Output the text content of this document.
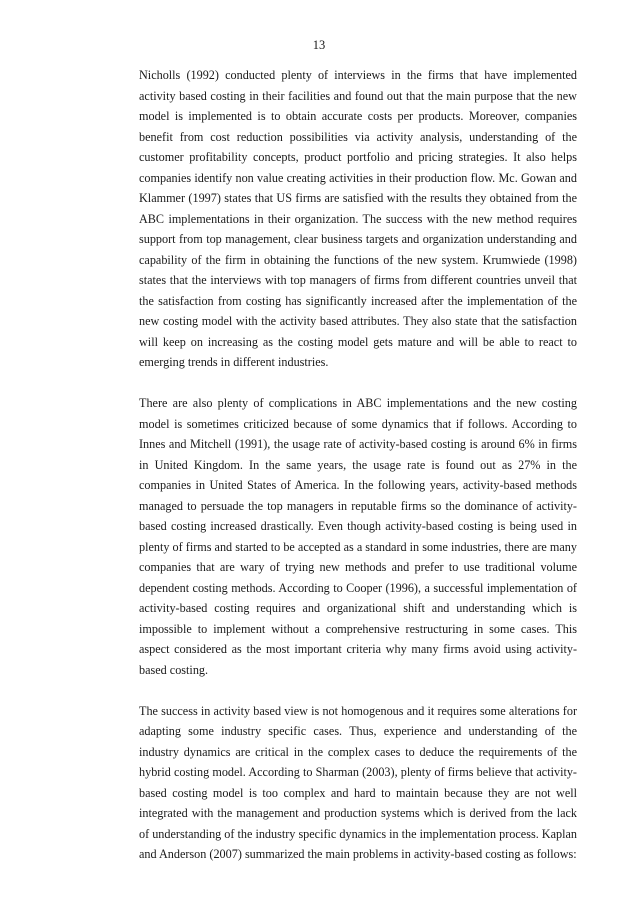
13

Nicholls (1992) conducted plenty of interviews in the firms that have implemented activity based costing in their facilities and found out that the main purpose that the new model is implemented is to obtain accurate costs per products. Moreover, companies benefit from cost reduction possibilities via activity analysis, understanding of the customer profitability concepts, product portfolio and pricing strategies. It also helps companies identify non value creating activities in their production flow. Mc. Gowan and Klammer (1997) states that US firms are satisfied with the results they obtained from the ABC implementations in their organization. The success with the new method requires support from top management, clear business targets and organization understanding and capability of the firm in obtaining the functions of the new system. Krumwiede (1998) states that the interviews with top managers of firms from different countries unveil that the satisfaction from costing has significantly increased after the implementation of the new costing model with the activity based attributes. They also state that the satisfaction will keep on increasing as the costing model gets mature and will be able to react to emerging trends in different industries.

There are also plenty of complications in ABC implementations and the new costing model is sometimes criticized because of some dynamics that if follows. According to Innes and Mitchell (1991), the usage rate of activity-based costing is around 6% in firms in United Kingdom. In the same years, the usage rate is found out as 27% in the companies in United States of America. In the following years, activity-based methods managed to persuade the top managers in reputable firms so the dominance of activity-based costing increased drastically. Even though activity-based costing is being used in plenty of firms and started to be accepted as a standard in some industries, there are many companies that are wary of trying new methods and prefer to use traditional volume dependent costing methods. According to Cooper (1996), a successful implementation of activity-based costing requires and organizational shift and understanding which is impossible to implement without a comprehensive restructuring in some cases. This aspect considered as the most important criteria why many firms avoid using activity-based costing.

The success in activity based view is not homogenous and it requires some alterations for adapting some industry specific cases. Thus, experience and understanding of the industry dynamics are critical in the complex cases to deduce the requirements of the hybrid costing model. According to Sharman (2003), plenty of firms believe that activity-based costing model is too complex and hard to maintain because they are not well integrated with the management and production systems which is derived from the lack of understanding of the industry specific dynamics in the implementation process. Kaplan and Anderson (2007) summarized the main problems in activity-based costing as follows:
